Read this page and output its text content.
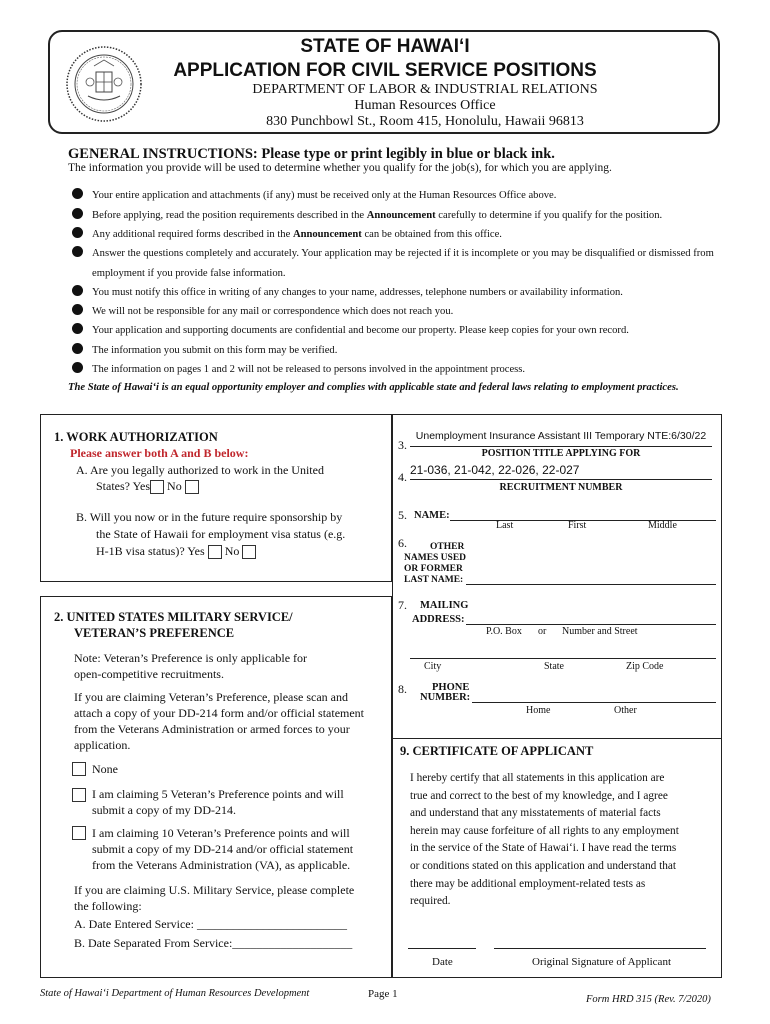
STATE OF HAWAI‘I
APPLICATION FOR CIVIL SERVICE POSITIONS
DEPARTMENT OF LABOR & INDUSTRIAL RELATIONS
Human Resources Office
830 Punchbowl St., Room 415, Honolulu, Hawaii 96813
GENERAL INSTRUCTIONS: Please type or print legibly in blue or black ink.
The information you provide will be used to determine whether you qualify for the job(s), for which you are applying.
Your entire application and attachments (if any) must be received only at the Human Resources Office above.
Before applying, read the position requirements described in the Announcement carefully to determine if you qualify for the position.
Any additional required forms described in the Announcement can be obtained from this office.
Answer the questions completely and accurately. Your application may be rejected if it is incomplete or you may be disqualified or dismissed from employment if you provide false information.
You must notify this office in writing of any changes to your name, addresses, telephone numbers or availability information.
We will not be responsible for any mail or correspondence which does not reach you.
Your application and supporting documents are confidential and become our property. Please keep copies for your own record.
The information you submit on this form may be verified.
The information on pages 1 and 2 will not be released to persons involved in the appointment process.
The State of Hawai‘i is an equal opportunity employer and complies with applicable state and federal laws relating to employment practices.
1. WORK AUTHORIZATION
Please answer both A and B below:
A. Are you legally authorized to work in the United
States? Yes No
B. Will you now or in the future require sponsorship by
the State of Hawaii for employment visa status (e.g.
H-1B visa status)? Yes No
2. UNITED STATES MILITARY SERVICE/
VETERAN’S PREFERENCE
Note: Veteran’s Preference is only applicable for
open-competitive recruitments.
If you are claiming Veteran’s Preference, please scan and
attach a copy of your DD-214 form and/or official statement
from the Veterans Administration or armed forces to your
application.
None
I am claiming 5 Veteran’s Preference points and will
submit a copy of my DD-214.
I am claiming 10 Veteran’s Preference points and will
submit a copy of my DD-214 and/or official statement
from the Veterans Administration (VA), as applicable.
If you are claiming U.S. Military Service, please complete
the following:
A. Date Entered Service: _________________________
B. Date Separated From Service:____________________
3.
Unemployment Insurance Assistant III Temporary NTE:6/30/22
POSITION TITLE APPLYING FOR
4. 21-036, 21-042, 22-026, 22-027
RECRUITMENT NUMBER
5. NAME:
Last	First	Middle
6. OTHER
NAMES USED
OR FORMER
LAST NAME:
7. MAILING
ADDRESS:
P.O. Box or Number and Street
City	State	Zip Code
8. PHONE
NUMBER:
Home	Other
9. CERTIFICATE OF APPLICANT
I hereby certify that all statements in this application are
true and correct to the best of my knowledge, and I agree
and understand that any misstatements of material facts
herein may cause forfeiture of all rights to any employment
in the service of the State of Hawai‘i. I have read the terms
or conditions stated on this application and understand that
there may be additional employment-related tests as
required.
Date	Original Signature of Applicant
State of Hawai‘i Department of Human Resources Development	Page 1	Form HRD 315 (Rev. 7/2020)
